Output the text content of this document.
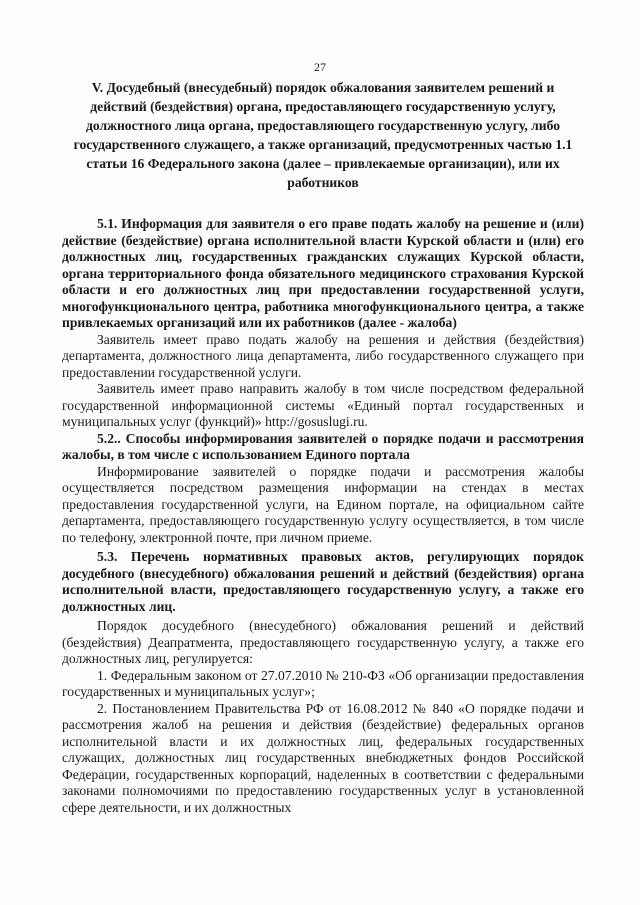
27
V. Досудебный (внесудебный) порядок обжалования заявителем решений и действий (бездействия) органа, предоставляющего государственную услугу, должностного лица органа, предоставляющего государственную услугу, либо государственного служащего, а также организаций, предусмотренных частью 1.1 статьи 16 Федерального закона (далее – привлекаемые организации), или их работников

5.1. Информация для заявителя о его праве подать жалобу на решение и (или) действие (бездействие) органа исполнительной власти Курской области и (или) его должностных лиц, государственных гражданских служащих Курской области, органа территориального фонда обязательного медицинского страхования Курской области и его должностных лиц при предоставлении государственной услуги, многофункционального центра, работника многофункционального центра, а также привлекаемых организаций или их работников (далее - жалоба)

Заявитель имеет право подать жалобу на решения и действия (бездействия) департамента, должностного лица департамента, либо государственного служащего при предоставлении государственной услуги.

Заявитель имеет право направить жалобу в том числе посредством федеральной государственной информационной системы «Единый портал государственных и муниципальных услуг (функций)» http://gosuslugi.ru.

5.2.. Способы информирования заявителей о порядке подачи и рассмотрения жалобы, в том числе с использованием Единого портала

Информирование заявителей о порядке подачи и рассмотрения жалобы осуществляется посредством размещения информации на стендах в местах предоставления государственной услуги, на Едином портале, на официальном сайте департамента, предоставляющего государственную услугу осуществляется, в том числе по телефону, электронной почте, при личном приеме.

5.3. Перечень нормативных правовых актов, регулирующих порядок досудебного (внесудебного) обжалования решений и действий (бездействия) органа исполнительной власти, предоставляющего государственную услугу, а также его должностных лиц.

Порядок досудебного (внесудебного) обжалования решений и действий (бездействия) Деапратмента, предоставляющего государственную услугу, а также его должностных лиц, регулируется:

1. Федеральным законом от 27.07.2010 № 210-ФЗ «Об организации предоставления государственных и муниципальных услуг»;

2. Постановлением Правительства РФ от 16.08.2012 № 840 «О порядке подачи и рассмотрения жалоб на решения и действия (бездействие) федеральных органов исполнительной власти и их должностных лиц, федеральных государственных служащих, должностных лиц государственных внебюджетных фондов Российской Федерации, государственных корпораций, наделенных в соответствии с федеральными законами полномочиями по предоставлению государственных услуг в установленной сфере деятельности, и их должностных
